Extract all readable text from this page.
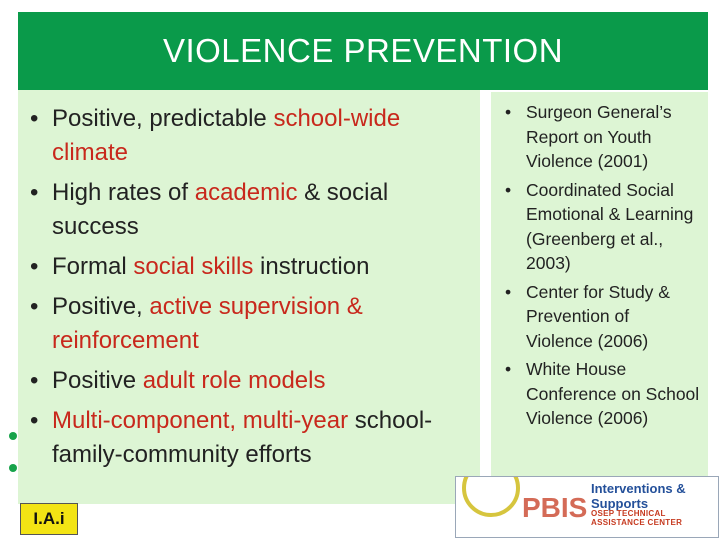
VIOLENCE PREVENTION
• Positive, predictable school-wide climate
• High rates of academic & social success
• Formal social skills instruction
• Positive, active supervision & reinforcement
• Positive adult role models
• Multi-component, multi-year school-family-community efforts
• Surgeon General’s Report on Youth Violence (2001)
• Coordinated Social Emotional & Learning (Greenberg et al., 2003)
• Center for Study & Prevention of Violence (2006)
• White House Conference on School Violence (2006)
I.A.i	PBIS
Interventions & Supports
OSEP TECHNICAL ASSISTANCE CENTER
